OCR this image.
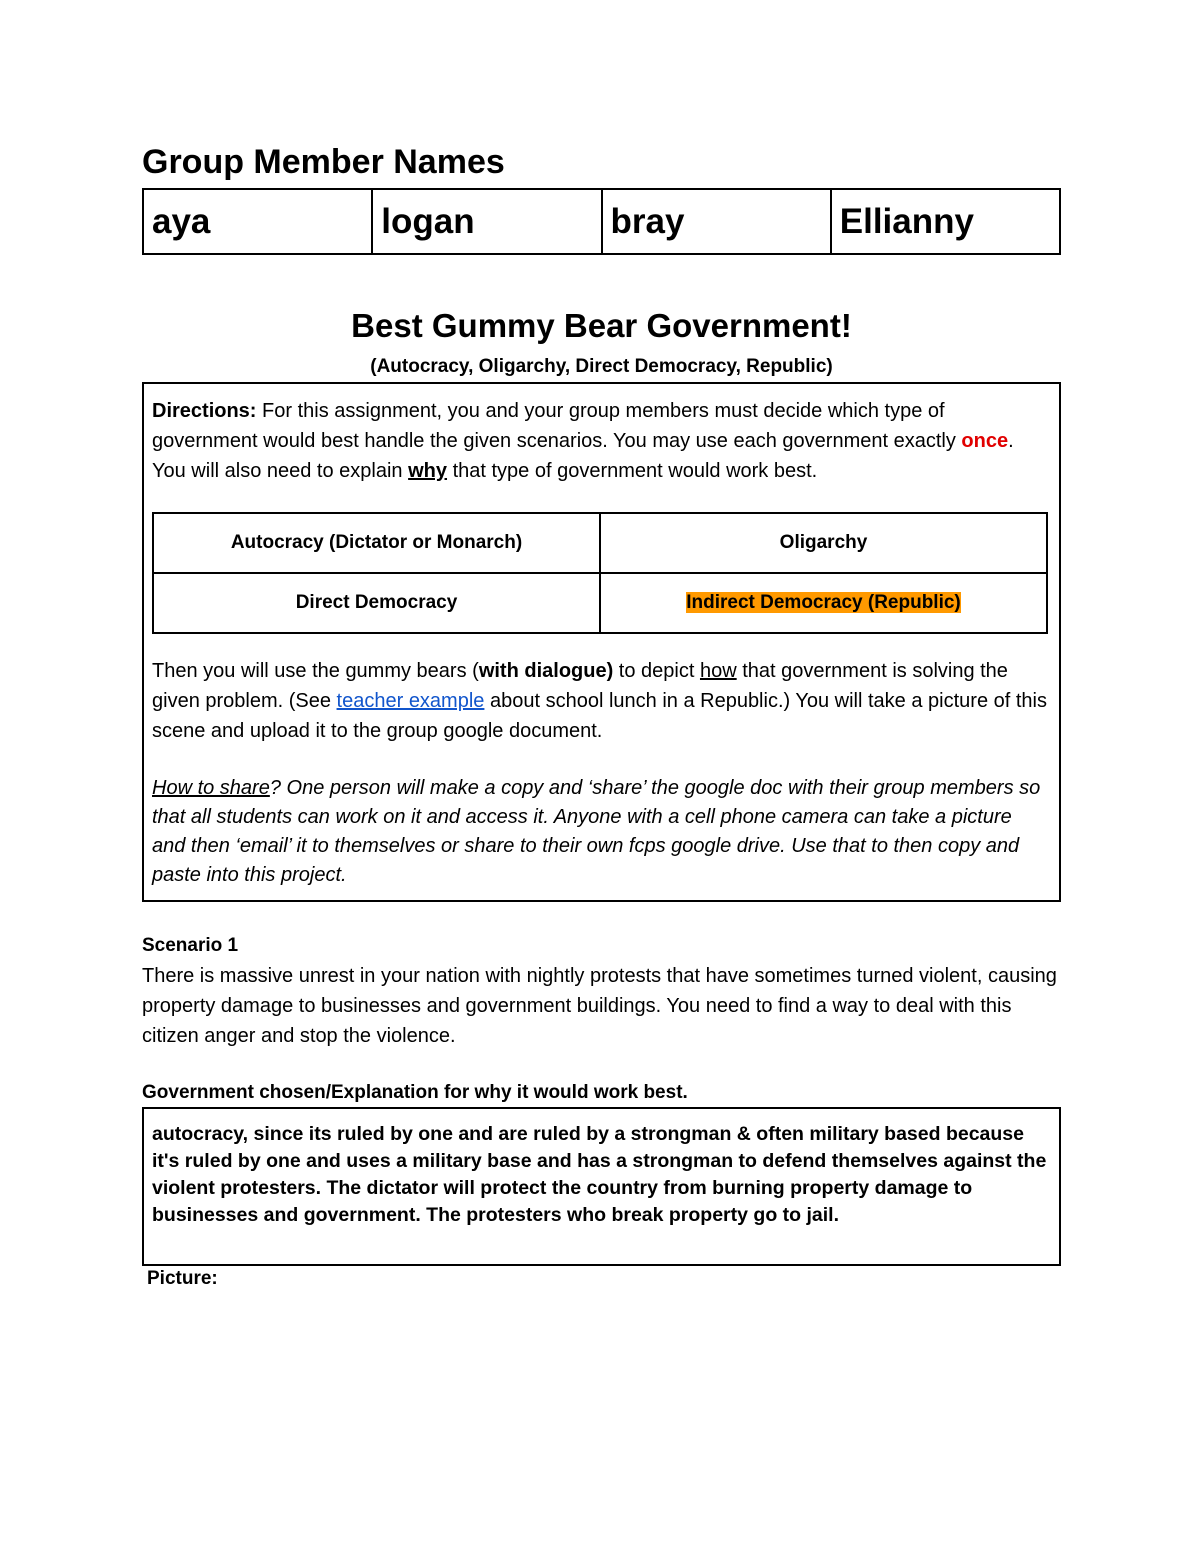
Group Member Names
aya	logan	bray	Ellianny
Best Gummy Bear Government!
(Autocracy, Oligarchy, Direct Democracy, Republic)
Directions: For this assignment, you and your group members must decide which type of government would best handle the given scenarios. You may use each government exactly once. You will also need to explain why that type of government would work best.
Autocracy (Dictator or Monarch)	Oligarchy
Direct Democracy	Indirect Democracy (Republic)
Then you will use the gummy bears (with dialogue) to depict how that government is solving the given problem. (See teacher example about school lunch in a Republic.) You will take a picture of this scene and upload it to the group google document.
How to share? One person will make a copy and ‘share’ the google doc with their group members so that all students can work on it and access it. Anyone with a cell phone camera can take a picture and then ‘email’ it to themselves or share to their own fcps google drive. Use that to then copy and paste into this project.
Scenario 1
There is massive unrest in your nation with nightly protests that have sometimes turned violent, causing property damage to businesses and government buildings. You need to find a way to deal with this citizen anger and stop the violence.
Government chosen/Explanation for why it would work best.
autocracy, since its ruled by one and are ruled by a strongman & often military based because it's ruled by one and uses a military base and has a strongman to defend themselves against the violent protesters. The dictator will protect the country from burning property damage to businesses and government. The protesters who break property go to jail.
Picture:
